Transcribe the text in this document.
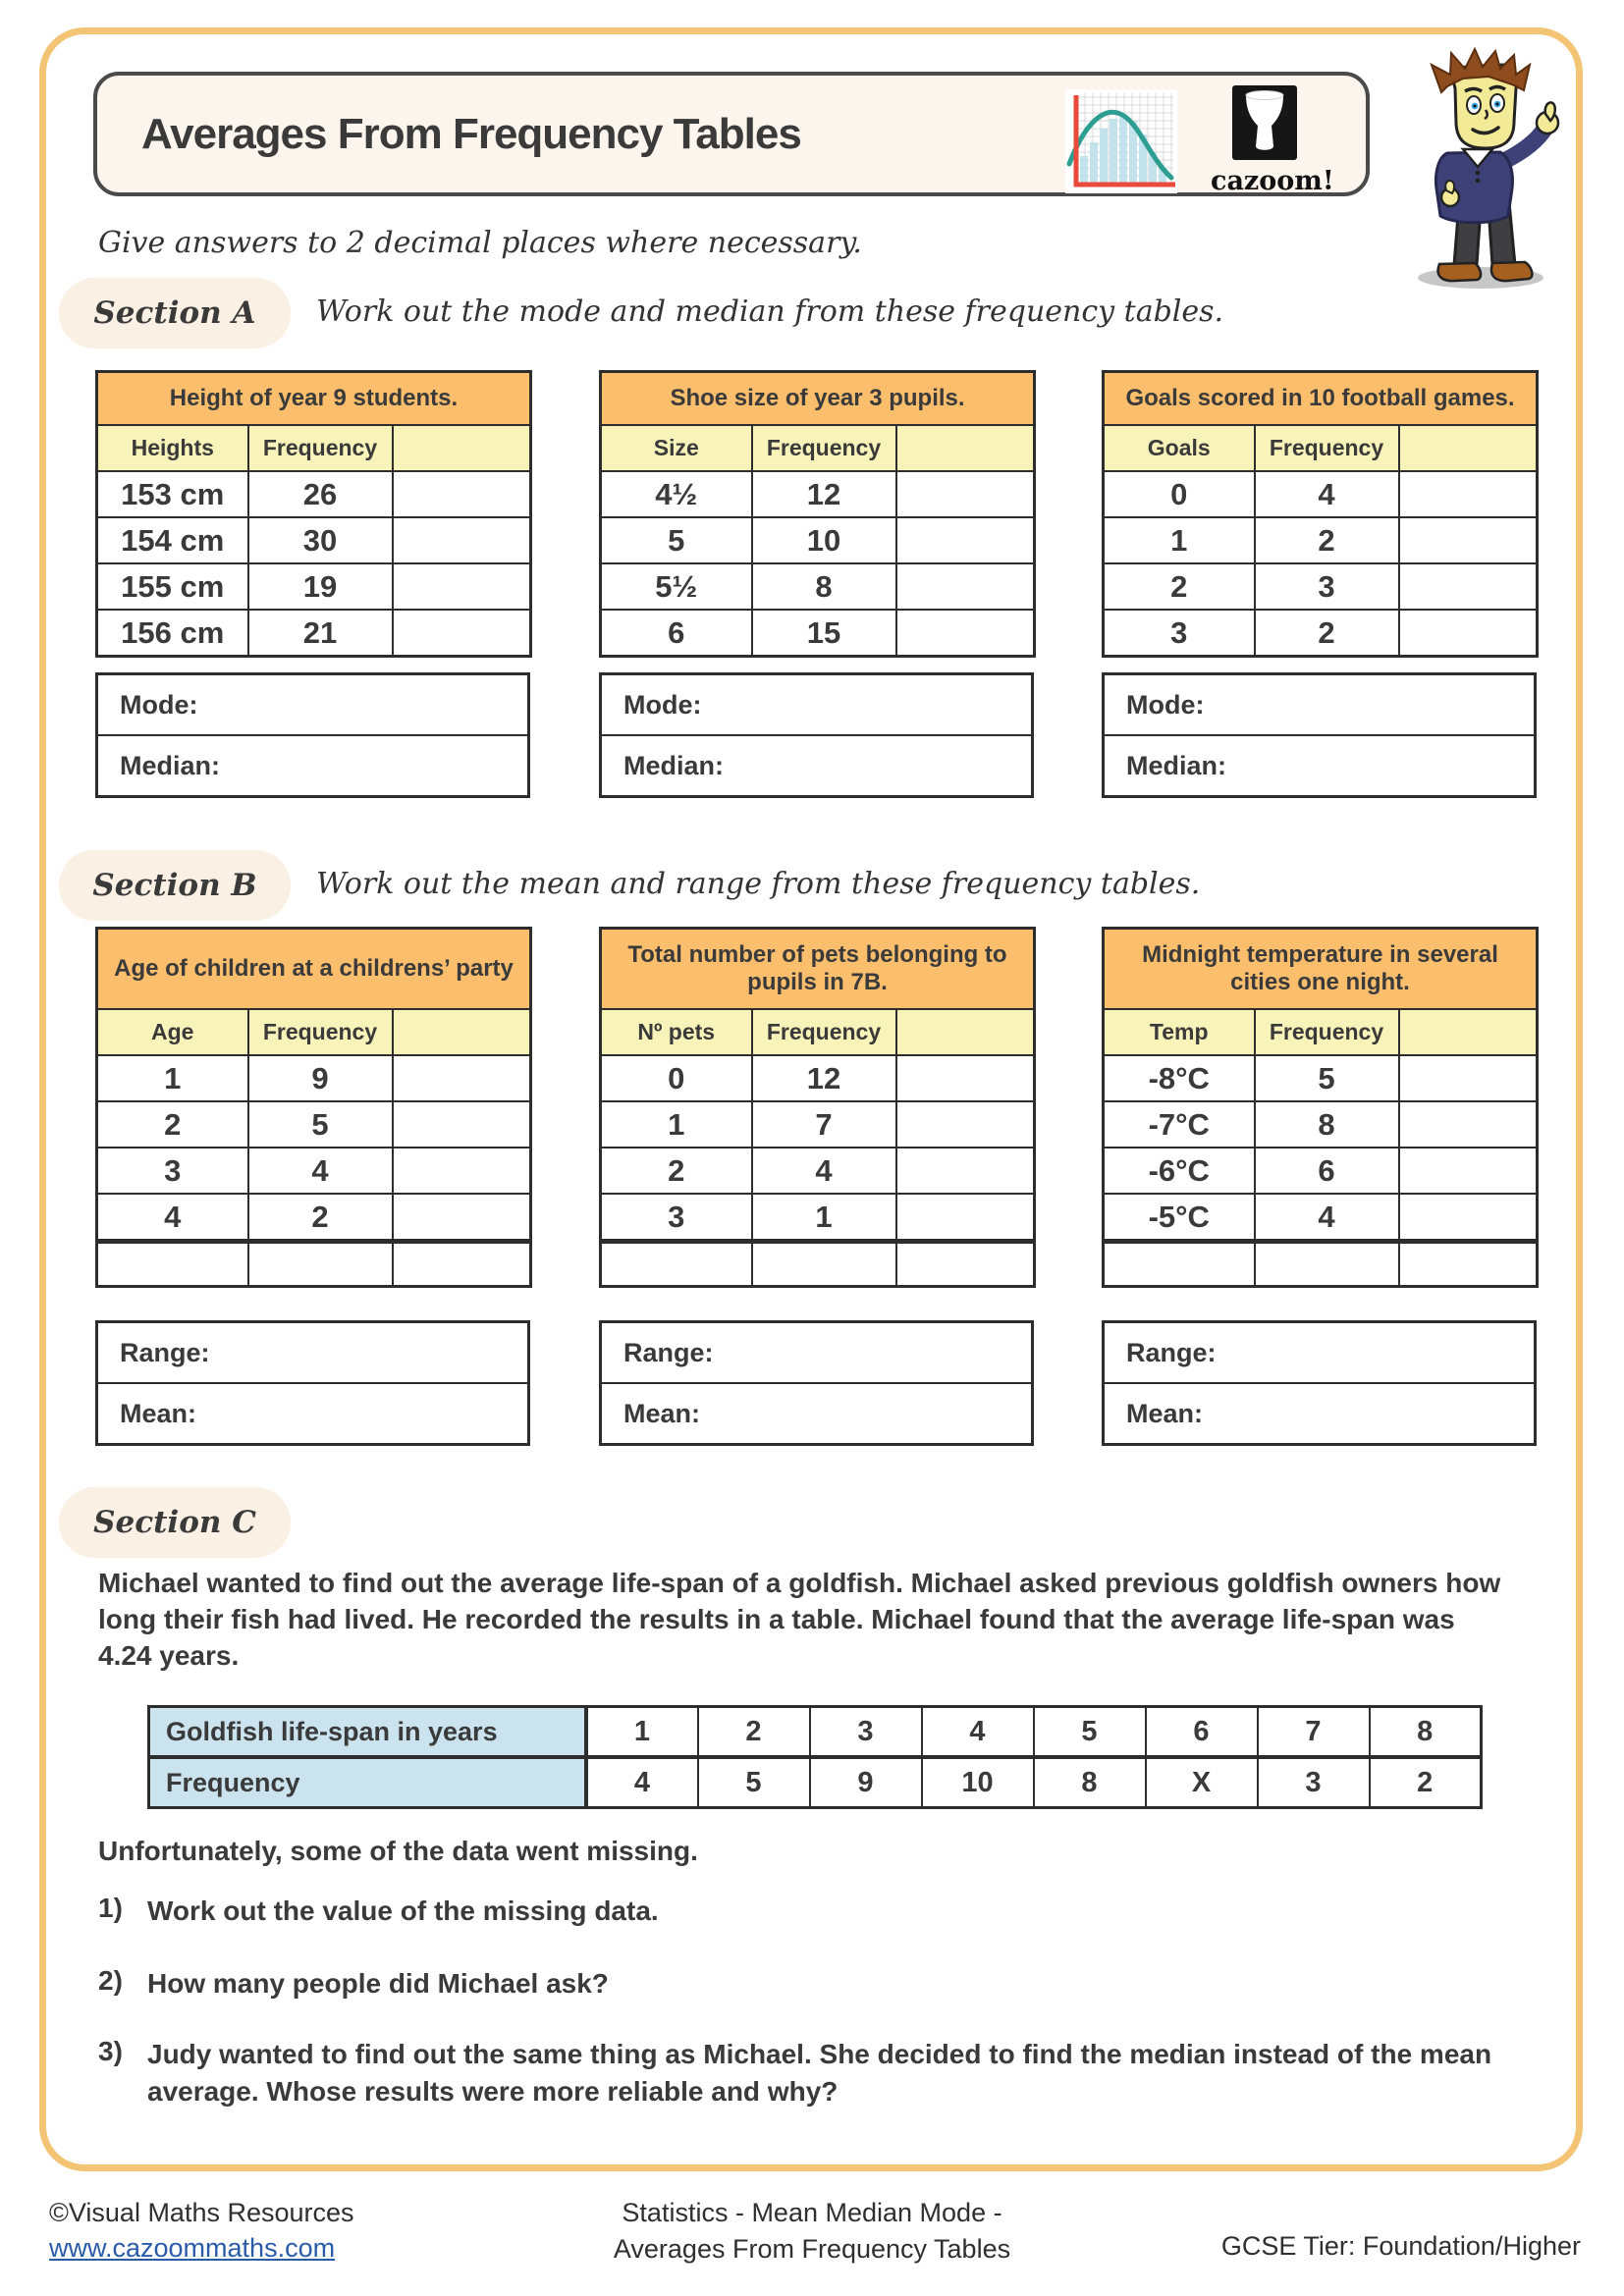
Averages From Frequency Tables
cazoom!
Give answers to 2 decimal places where necessary.
Section A	Work out the mode and median from these frequency tables.
Height of year 9 students.		
Heights	Frequency	
153 cm	26	
154 cm	30	
155 cm	19	
156 cm	21	
Shoe size of year 3 pupils.		
Size	Frequency	
4½	12	
5	10	
5½	8	
6	15	
Goals scored in 10 football games.		
Goals	Frequency	
0	4	
1	2	
2	3	
3	2	
Mode:
Median:
Mode:
Median:
Mode:
Median:
Section B	Work out the mean and range from these frequency tables.
Age of children at a childrens’ party		
Age	Frequency	
1	9	
2	5	
3	4	
4	2	

Total number of pets belonging to pupils in 7B.		
Nº pets	Frequency	
0	12	
1	7	
2	4	
3	1	

Midnight temperature in several cities one night.		
Temp	Frequency	
-8°C	5	
-7°C	8	
-6°C	6	
-5°C	4	

Range:
Mean:
Range:
Mean:
Range:
Mean:
Section C
Michael wanted to find out the average life-span of a goldfish. Michael asked previous goldfish owners how long their fish had lived. He recorded the results in a table. Michael found that the average life-span was 4.24 years.
Goldfish life-span in years	1	2	3	4	5	6	7	8
Frequency	4	5	9	10	8	X	3	2
Unfortunately, some of the data went missing.
1) Work out the value of the missing data.
2) How many people did Michael ask?
3) Judy wanted to find out the same thing as Michael. She decided to find the median instead of the mean average. Whose results were more reliable and why?
©Visual Maths Resources
www.cazoommaths.com
Statistics - Mean Median Mode -
Averages From Frequency Tables	GCSE Tier: Foundation/Higher
